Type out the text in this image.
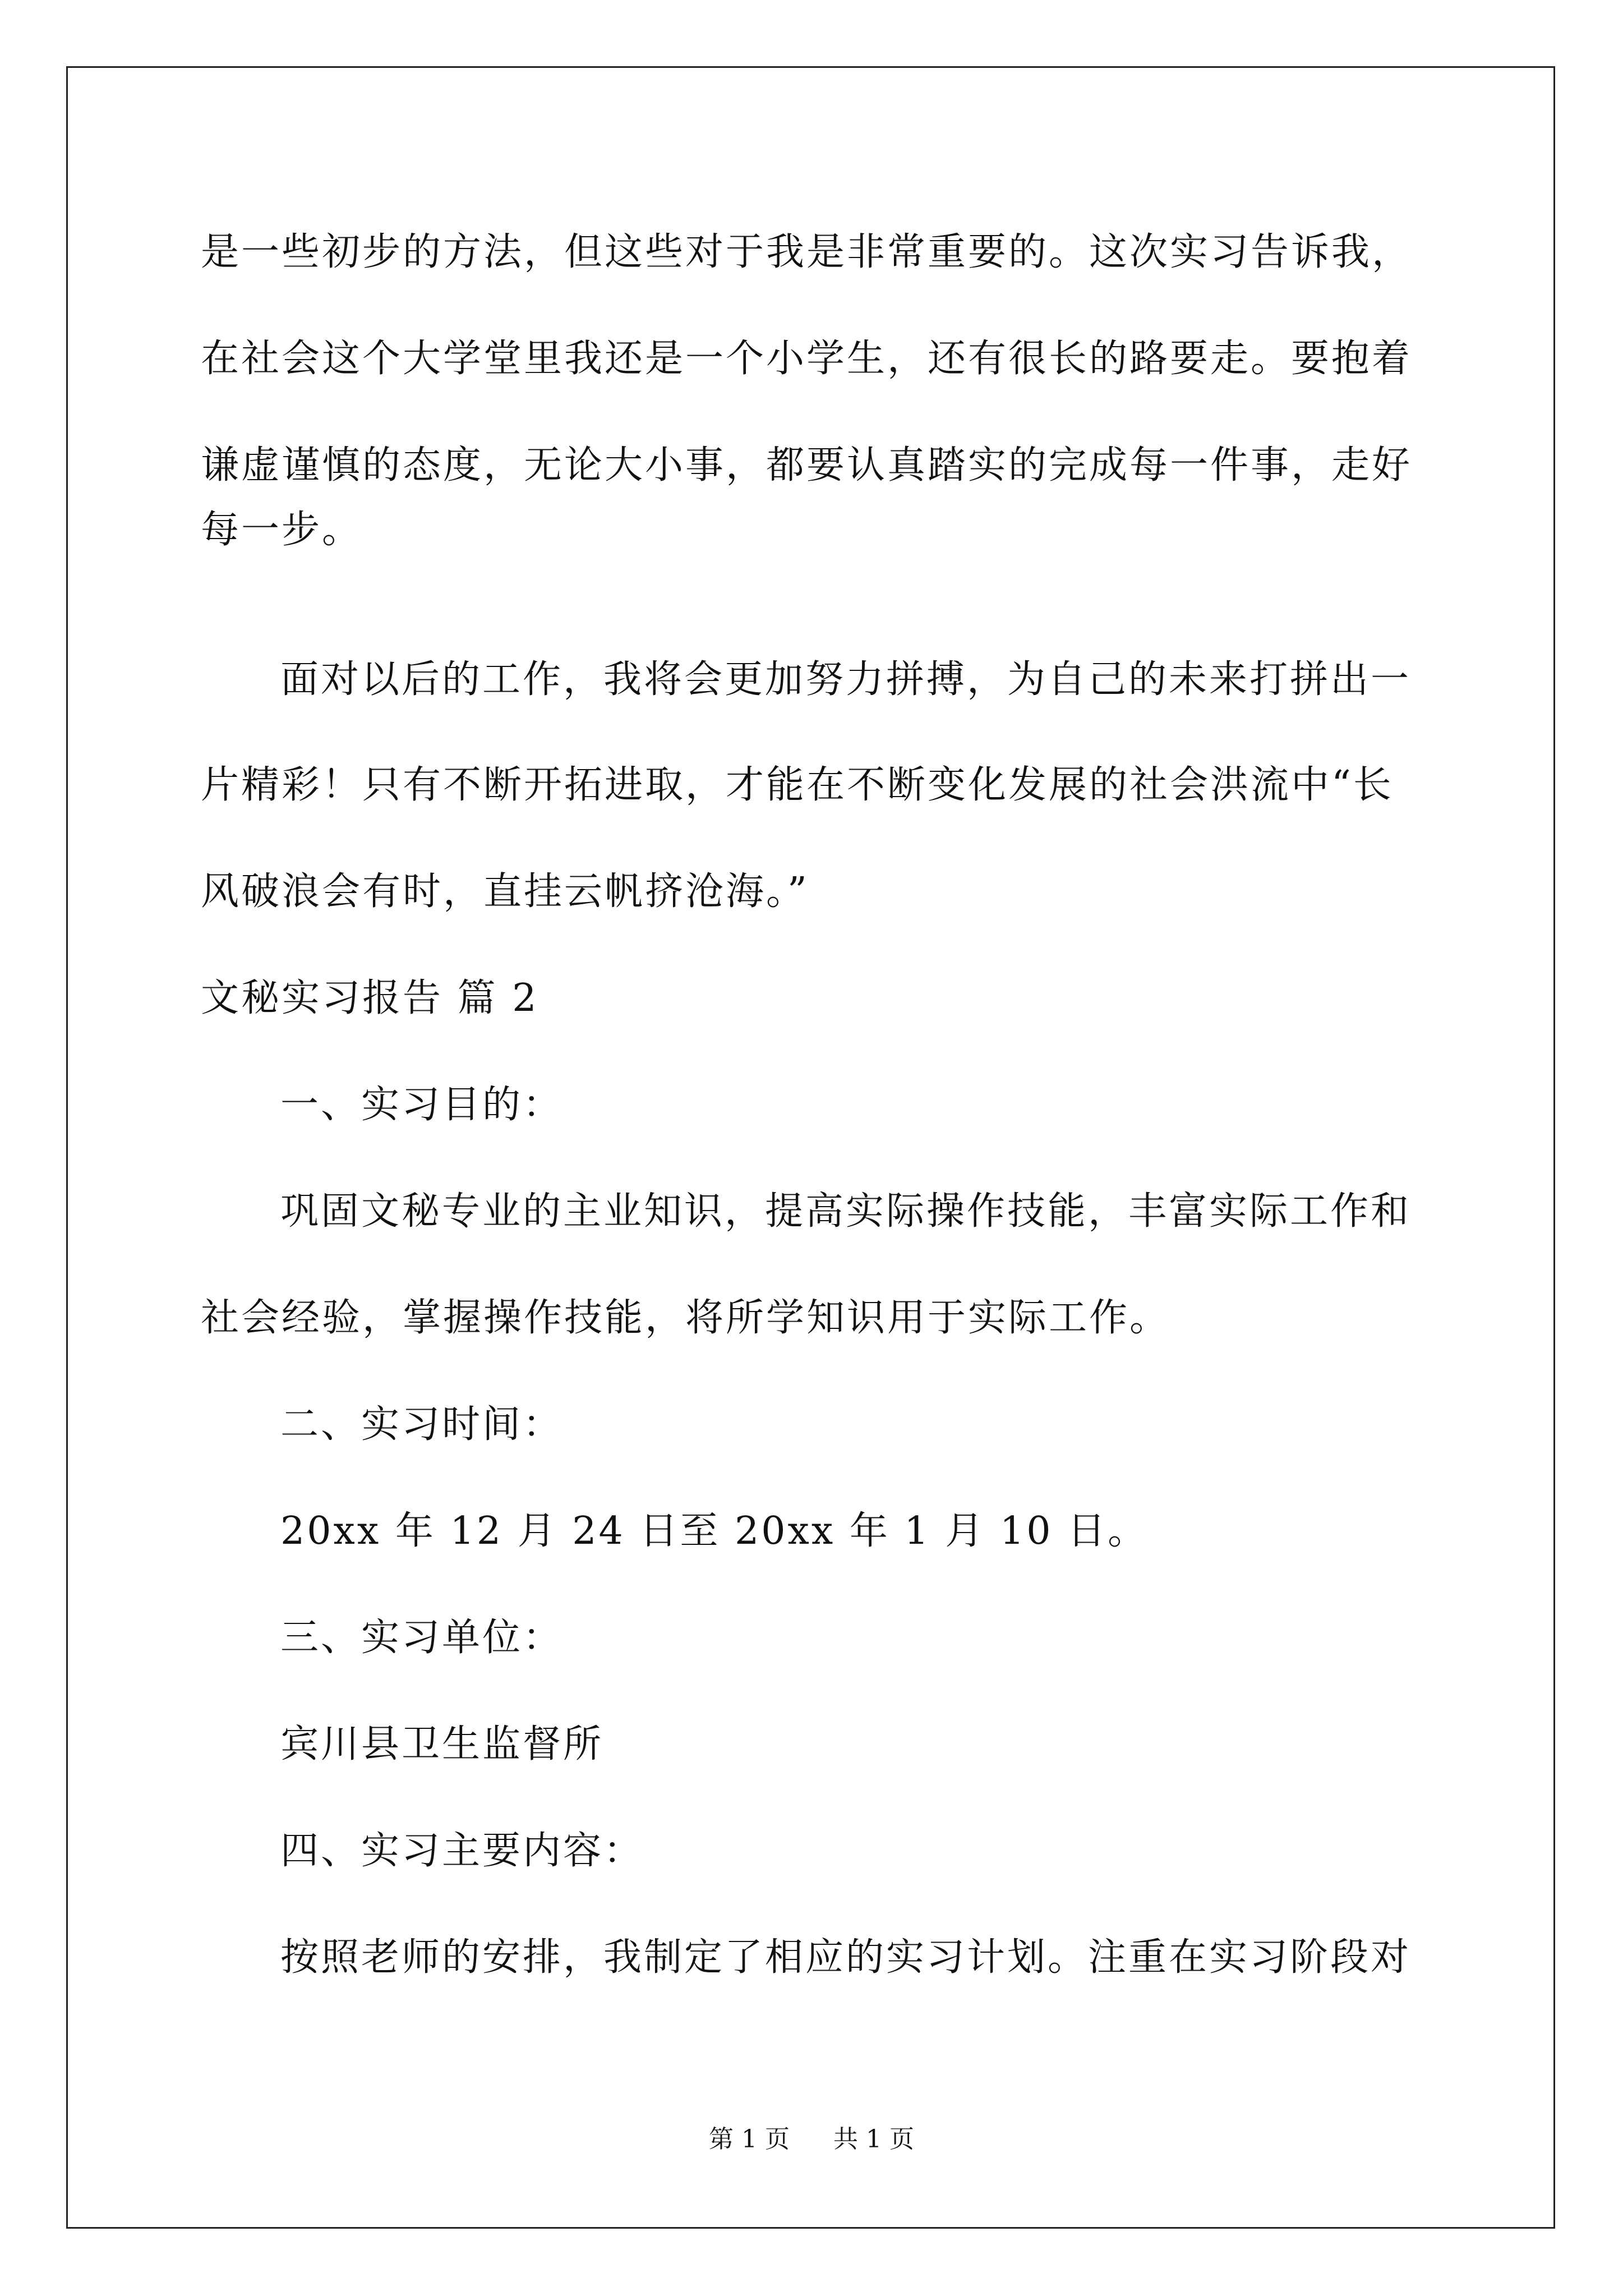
是一些初步的方法，但这些对于我是非常重要的。这次实习告诉我，
在社会这个大学堂里我还是一个小学生，还有很长的路要走。要抱着
谦虚谨慎的态度，无论大小事，都要认真踏实的完成每一件事，走好
每一步。
面对以后的工作，我将会更加努力拼搏，为自己的未来打拼出一
片精彩！只有不断开拓进取，才能在不断变化发展的社会洪流中“长
风破浪会有时，直挂云帆挤沧海。”
文秘实习报告 篇 2
一、实习目的：
巩固文秘专业的主业知识，提高实际操作技能，丰富实际工作和
社会经验，掌握操作技能，将所学知识用于实际工作。
二、实习时间：
20xx 年 12 月 24 日至 20xx 年 1 月 10 日。
三、实习单位：
宾川县卫生监督所
四、实习主要内容：
按照老师的安排，我制定了相应的实习计划。注重在实习阶段对
第 1 页 共 1 页
